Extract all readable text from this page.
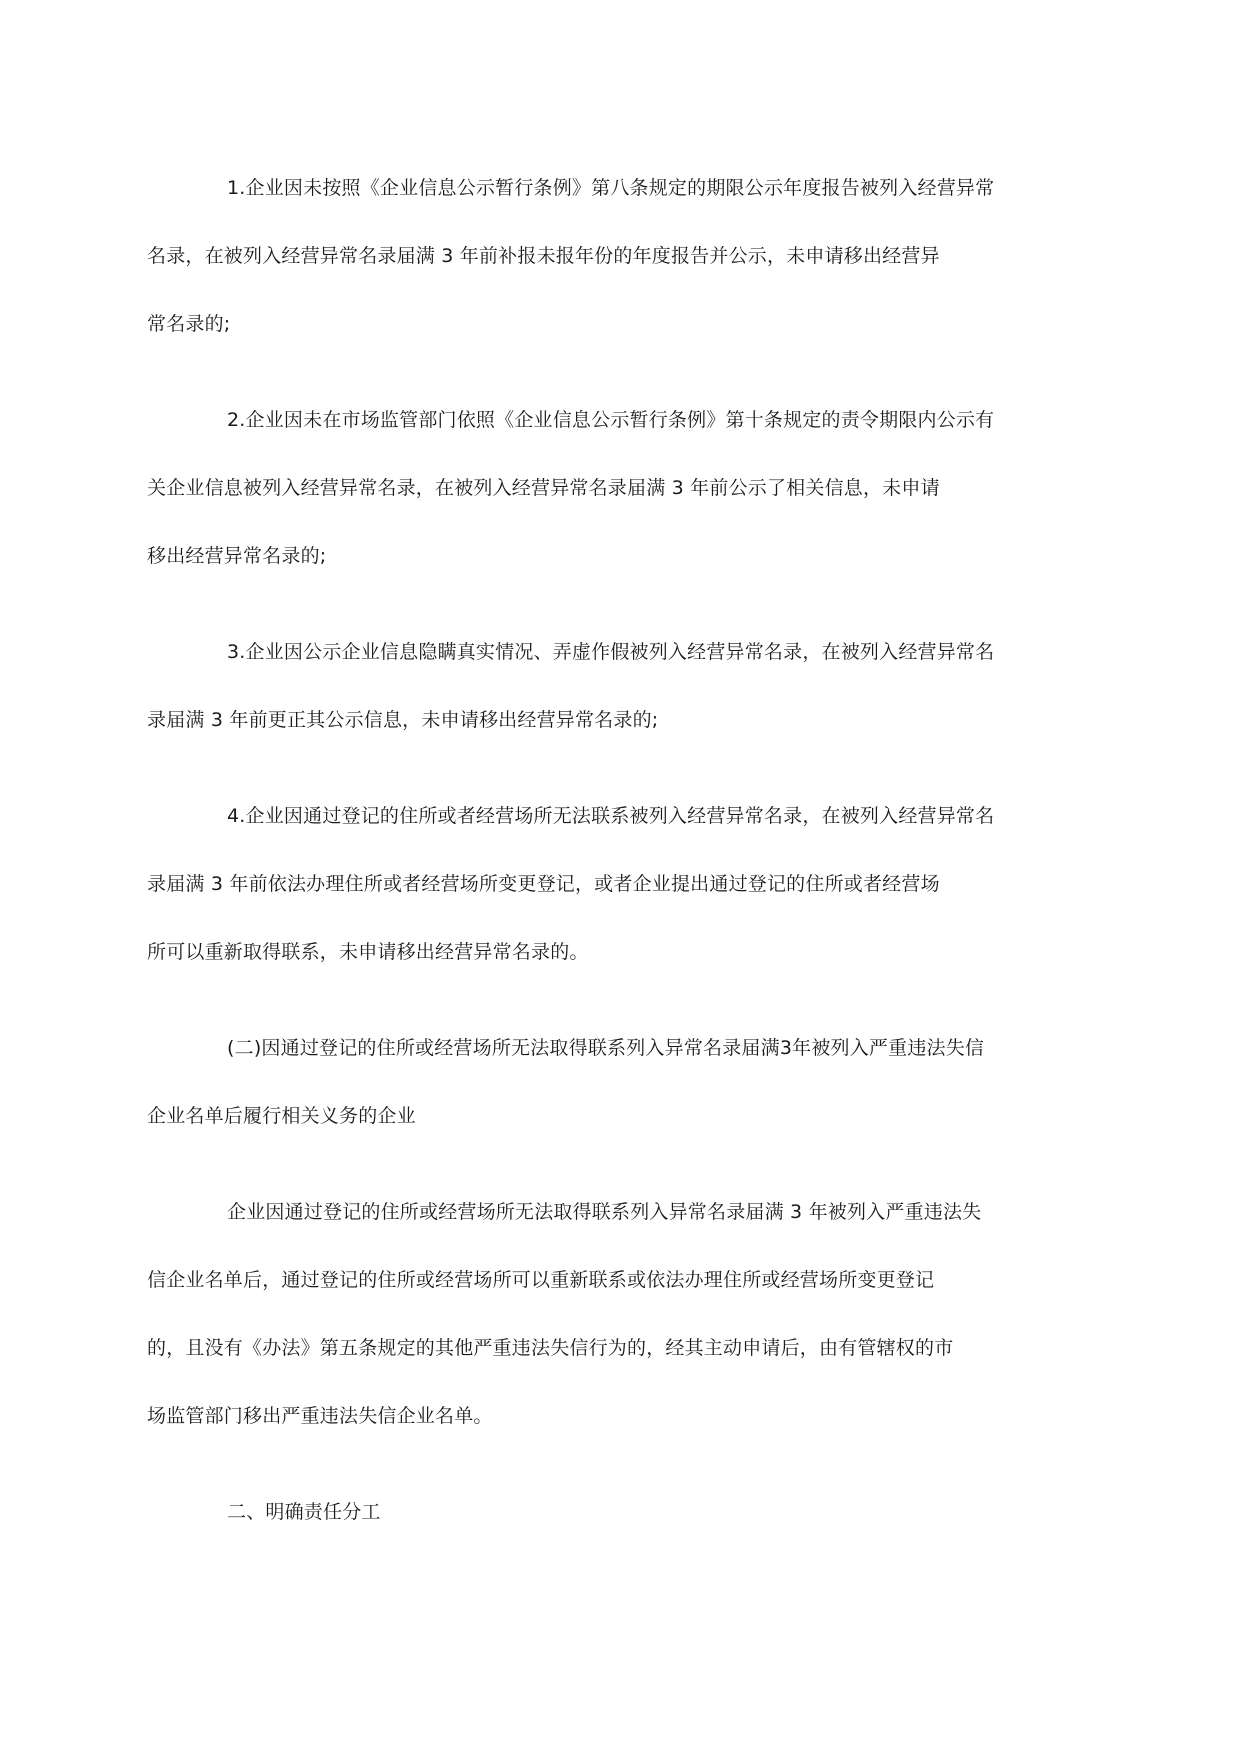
1.企业因未按照《企业信息公示暂行条例》第八条规定的期限公示年度报告被列入经营异常
名录，在被列入经营异常名录届满 3 年前补报未报年份的年度报告并公示，未申请移出经营异
常名录的;
2.企业因未在市场监管部门依照《企业信息公示暂行条例》第十条规定的责令期限内公示有
关企业信息被列入经营异常名录，在被列入经营异常名录届满 3 年前公示了相关信息，未申请
移出经营异常名录的;
3.企业因公示企业信息隐瞒真实情况、弄虚作假被列入经营异常名录，在被列入经营异常名
录届满 3 年前更正其公示信息，未申请移出经营异常名录的;
4.企业因通过登记的住所或者经营场所无法联系被列入经营异常名录，在被列入经营异常名
录届满 3 年前依法办理住所或者经营场所变更登记，或者企业提出通过登记的住所或者经营场
所可以重新取得联系，未申请移出经营异常名录的。
(二)因通过登记的住所或经营场所无法取得联系列入异常名录届满3年被列入严重违法失信
企业名单后履行相关义务的企业
企业因通过登记的住所或经营场所无法取得联系列入异常名录届满 3 年被列入严重违法失
信企业名单后，通过登记的住所或经营场所可以重新联系或依法办理住所或经营场所变更登记
的，且没有《办法》第五条规定的其他严重违法失信行为的，经其主动申请后，由有管辖权的市
场监管部门移出严重违法失信企业名单。
二、明确责任分工
